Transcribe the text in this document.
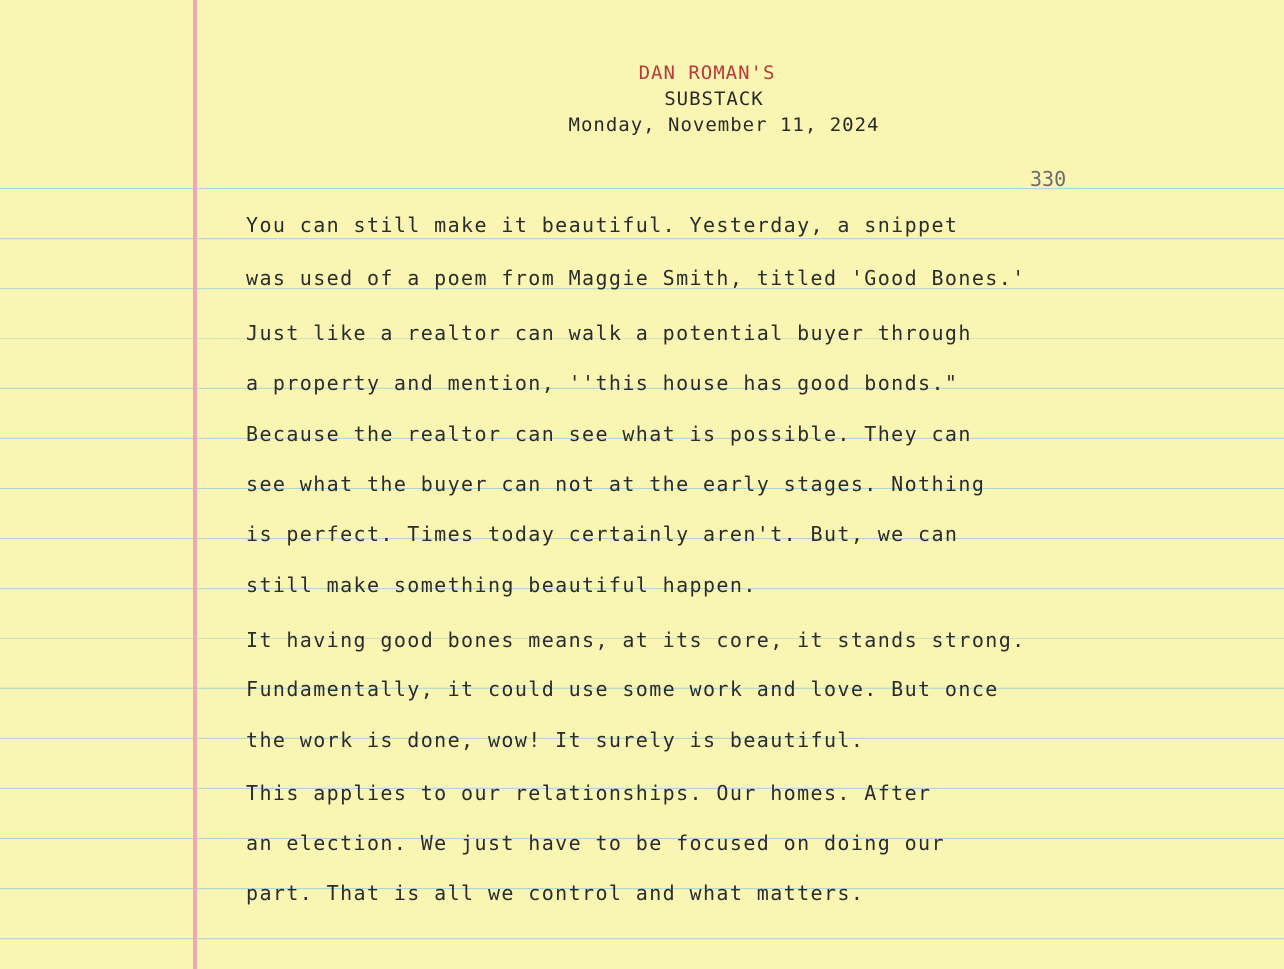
DAN ROMAN'S
SUBSTACK
Monday, November 11, 2024
330
You can still make it beautiful. Yesterday, a snippet
was used of a poem from Maggie Smith, titled 'Good Bones.'
Just like a realtor can walk a potential buyer through
a property and mention, ''this house has good bonds."
Because the realtor can see what is possible. They can
see what the buyer can not at the early stages. Nothing
is perfect. Times today certainly aren't. But, we can
still make something beautiful happen.
It having good bones means, at its core, it stands strong.
Fundamentally, it could use some work and love. But once
the work is done, wow! It surely is beautiful.
This applies to our relationships. Our homes. After
an election. We just have to be focused on doing our
part. That is all we control and what matters.
